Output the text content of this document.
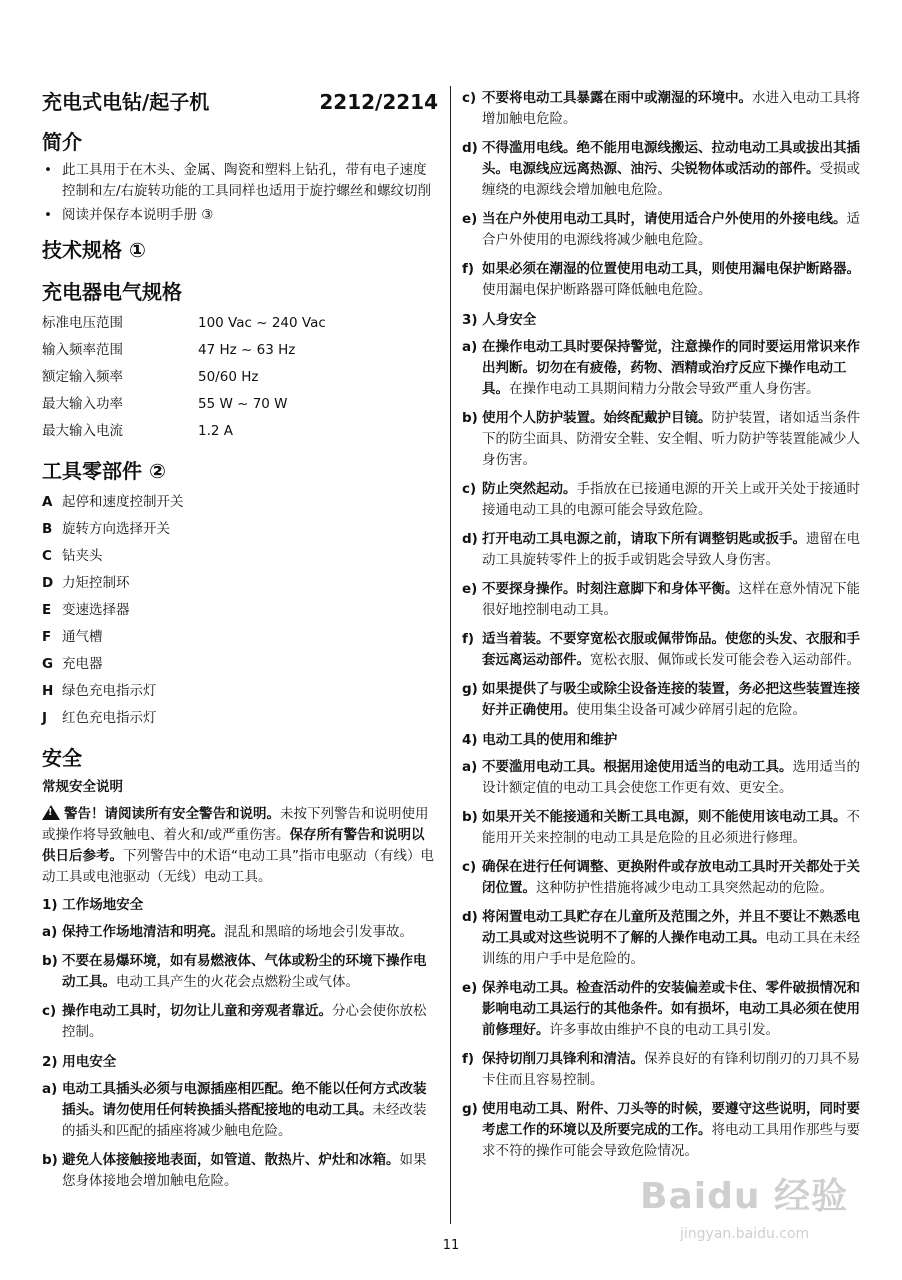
充电式电钻/起子机	2212/2214
简介
• 此工具用于在木头、金属、陶瓷和塑料上钻孔，带有电子速度控制和左/右旋转功能的工具同样也适用于旋拧螺丝和螺纹切削
• 阅读并保存本说明手册 ③
技术规格 ①
充电器电气规格
标准电压范围	100 Vac ~ 240 Vac
输入频率范围	47 Hz ~ 63 Hz
额定输入频率	50/60 Hz
最大输入功率	55 W ~ 70 W
最大输入电流	1.2 A
工具零部件 ②
A 起停和速度控制开关
B 旋转方向选择开关
C 钻夹头
D 力矩控制环
E 变速选择器
F 通气槽
G 充电器
H 绿色充电指示灯
J	红色充电指示灯
安全
常规安全说明
!警告！请阅读所有安全警告和说明。未按下列警告和说明使用或操作将导致触电、着火和/或严重伤害。保存所有警告和说明以供日后参考。下列警告中的术语“电动工具”指市电驱动（有线）电动工具或电池驱动（无线）电动工具。
1) 工作场地安全
a) 保持工作场地清洁和明亮。混乱和黑暗的场地会引发事故。
b) 不要在易爆环境，如有易燃液体、气体或粉尘的环境下操作电动工具。电动工具产生的火花会点燃粉尘或气体。
c) 操作电动工具时，切勿让儿童和旁观者靠近。分心会使你放松控制。
2) 用电安全
a) 电动工具插头必须与电源插座相匹配。绝不能以任何方式改装插头。请勿使用任何转换插头搭配接地的电动工具。未经改装的插头和匹配的插座将减少触电危险。
b) 避免人体接触接地表面，如管道、散热片、炉灶和冰箱。如果您身体接地会增加触电危险。
c) 不要将电动工具暴露在雨中或潮湿的环境中。水进入电动工具将增加触电危险。
d) 不得滥用电线。绝不能用电源线搬运、拉动电动工具或拔出其插头。电源线应远离热源、油污、尖锐物体或活动的部件。受损或缠绕的电源线会增加触电危险。
e) 当在户外使用电动工具时，请使用适合户外使用的外接电线。适合户外使用的电源线将减少触电危险。
f) 如果必须在潮湿的位置使用电动工具，则使用漏电保护断路器。使用漏电保护断路器可降低触电危险。
3) 人身安全
a) 在操作电动工具时要保持警觉，注意操作的同时要运用常识来作出判断。切勿在有疲倦，药物、酒精或治疗反应下操作电动工具。在操作电动工具期间精力分散会导致严重人身伤害。
b) 使用个人防护装置。始终配戴护目镜。防护装置，诸如适当条件下的防尘面具、防滑安全鞋、安全帽、听力防护等装置能减少人身伤害。
c) 防止突然起动。手指放在已接通电源的开关上或开关处于接通时接通电动工具的电源可能会导致危险。
d) 打开电动工具电源之前，请取下所有调整钥匙或扳手。遗留在电动工具旋转零件上的扳手或钥匙会导致人身伤害。
e) 不要探身操作。时刻注意脚下和身体平衡。这样在意外情况下能很好地控制电动工具。
f) 适当着装。不要穿宽松衣服或佩带饰品。使您的头发、衣服和手套远离运动部件。宽松衣服、佩饰或长发可能会卷入运动部件。
g) 如果提供了与吸尘或除尘设备连接的装置，务必把这些装置连接好并正确使用。使用集尘设备可减少碎屑引起的危险。
4) 电动工具的使用和维护
a) 不要滥用电动工具。根据用途使用适当的电动工具。选用适当的设计额定值的电动工具会使您工作更有效、更安全。
b) 如果开关不能接通和关断工具电源，则不能使用该电动工具。不能用开关来控制的电动工具是危险的且必须进行修理。
c) 确保在进行任何调整、更换附件或存放电动工具时开关都处于关闭位置。这种防护性措施将减少电动工具突然起动的危险。
d) 将闲置电动工具贮存在儿童所及范围之外，并且不要让不熟悉电动工具或对这些说明不了解的人操作电动工具。电动工具在未经训练的用户手中是危险的。
e) 保养电动工具。检查活动件的安装偏差或卡住、零件破损情况和影响电动工具运行的其他条件。如有损坏，电动工具必须在使用前修理好。许多事故由维护不良的电动工具引发。
f) 保持切削刀具锋利和清洁。保养良好的有锋利切削刃的刀具不易卡住而且容易控制。
g) 使用电动工具、附件、刀头等的时候，要遵守这些说明，同时要考虑工作的环境以及所要完成的工作。将电动工具用作那些与要求不符的操作可能会导致危险情况。
Baidu 经验
jingyan.baidu.com
11
